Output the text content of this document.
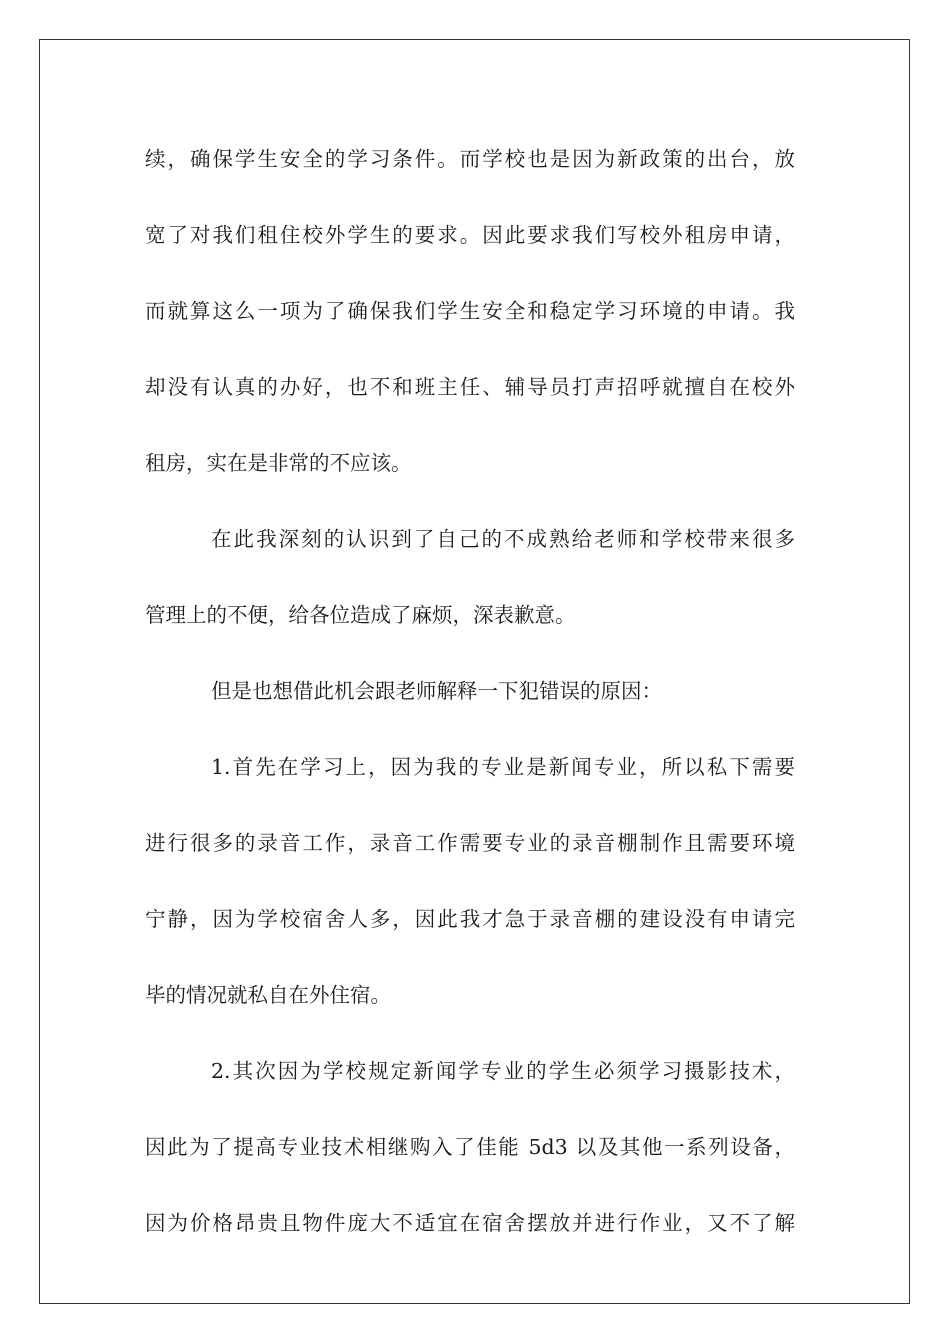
续，确保学生安全的学习条件。而学校也是因为新政策的出台，放
宽了对我们租住校外学生的要求。因此要求我们写校外租房申请，
而就算这么一项为了确保我们学生安全和稳定学习环境的申请。我
却没有认真的办好，也不和班主任、辅导员打声招呼就擅自在校外
租房，实在是非常的不应该。
在此我深刻的认识到了自己的不成熟给老师和学校带来很多
管理上的不便，给各位造成了麻烦，深表歉意。
但是也想借此机会跟老师解释一下犯错误的原因：
1.首先在学习上，因为我的专业是新闻专业，所以私下需要
进行很多的录音工作，录音工作需要专业的录音棚制作且需要环境
宁静，因为学校宿舍人多，因此我才急于录音棚的建设没有申请完
毕的情况就私自在外住宿。
2.其次因为学校规定新闻学专业的学生必须学习摄影技术，
因此为了提高专业技术相继购入了佳能 5d3 以及其他一系列设备，
因为价格昂贵且物件庞大不适宜在宿舍摆放并进行作业，又不了解
